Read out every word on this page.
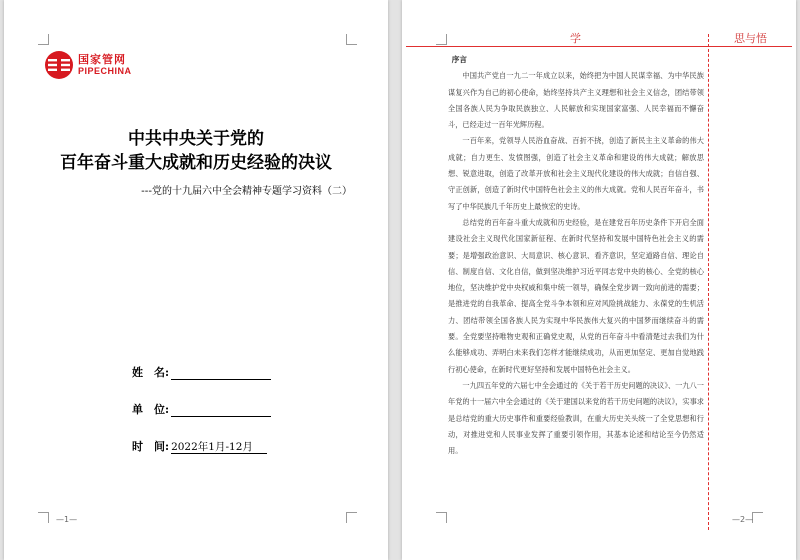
国家管网
PIPECHINA
中共中央关于党的
百年奋斗重大成就和历史经验的决议
---党的十九届六中全会精神专题学习资料（二）
姓　名:
单　位:
时　间: 2022年1月-12月
—1—
学	思与悟

序言

中国共产党自一九二一年成立以来，始终把为中国人民谋幸福、为中华民族谋复兴作为自己的初心使命，始终坚持共产主义理想和社会主义信念，团结带领全国各族人民为争取民族独立、人民解放和实现国家富强、人民幸福而不懈奋斗，已经走过一百年光辉历程。

一百年来，党领导人民浴血奋战、百折不挠，创造了新民主主义革命的伟大成就；自力更生、发愤图强，创造了社会主义革命和建设的伟大成就；解放思想、锐意进取，创造了改革开放和社会主义现代化建设的伟大成就；自信自强、守正创新，创造了新时代中国特色社会主义的伟大成就。党和人民百年奋斗，书写了中华民族几千年历史上最恢宏的史诗。

总结党的百年奋斗重大成就和历史经验，是在建党百年历史条件下开启全面建设社会主义现代化国家新征程、在新时代坚持和发展中国特色社会主义的需要；是增强政治意识、大局意识、核心意识、看齐意识，坚定道路自信、理论自信、制度自信、文化自信，做到坚决维护习近平同志党中央的核心、全党的核心地位，坚决维护党中央权威和集中统一领导，确保全党步调一致向前进的需要；是推进党的自我革命、提高全党斗争本领和应对风险挑战能力、永葆党的生机活力、团结带领全国各族人民为实现中华民族伟大复兴的中国梦而继续奋斗的需要。全党要坚持唯物史观和正确党史观，从党的百年奋斗中看清楚过去我们为什么能够成功、弄明白未来我们怎样才能继续成功，从而更加坚定、更加自觉地践行初心使命，在新时代更好坚持和发展中国特色社会主义。

一九四五年党的六届七中全会通过的《关于若干历史问题的决议》、一九八一年党的十一届六中全会通过的《关于建国以来党的若干历史问题的决议》，实事求是总结党的重大历史事件和重要经验教训，在重大历史关头统一了全党思想和行动，对推进党和人民事业发挥了重要引领作用，其基本论述和结论至今仍然适用。

—2—
